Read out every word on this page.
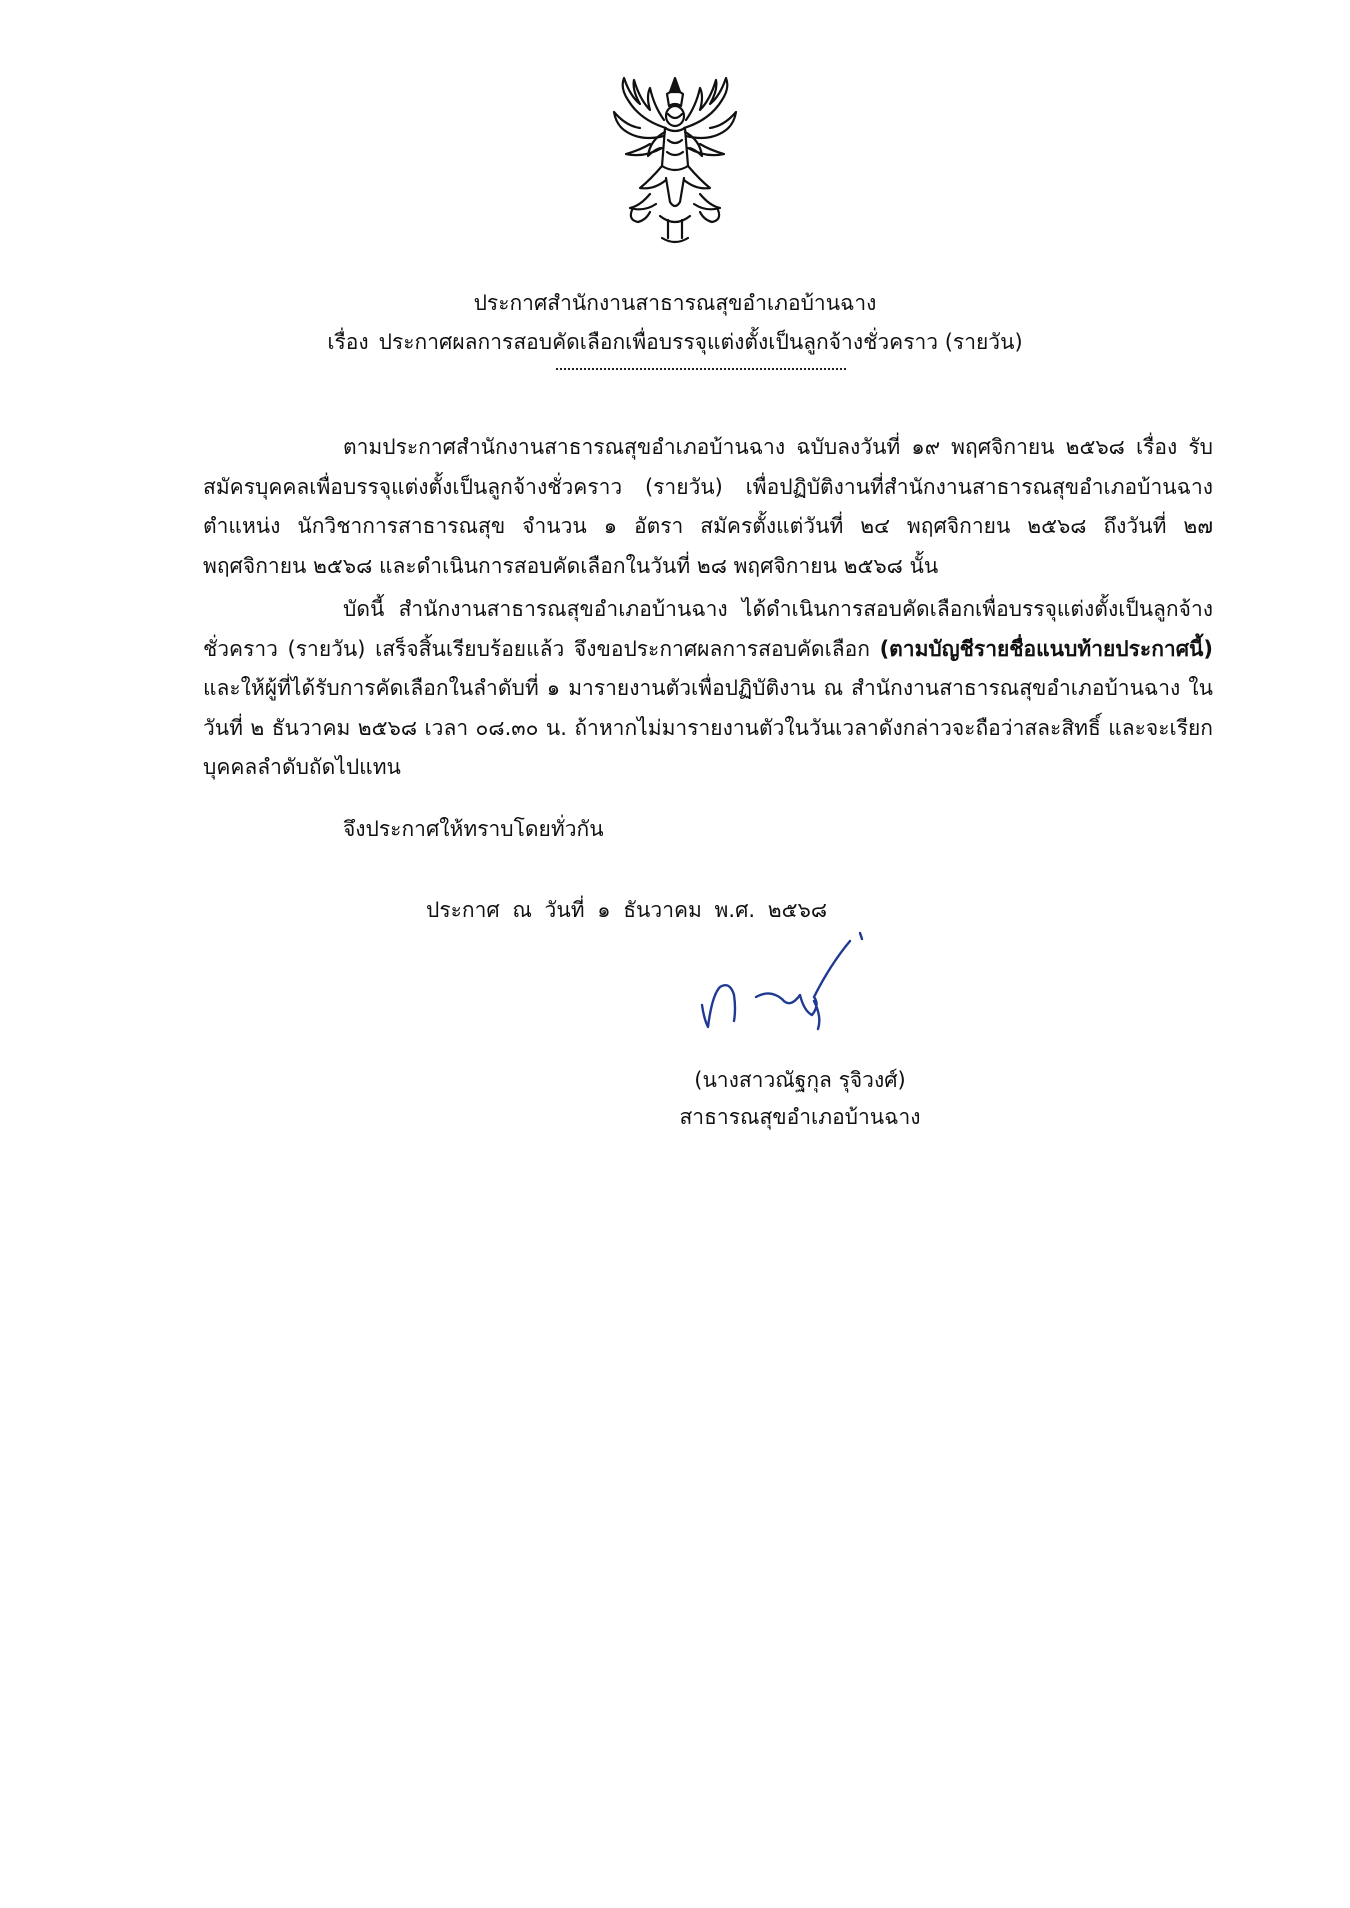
ประกาศสำนักงานสาธารณสุขอำเภอบ้านฉาง
เรื่อง ประกาศผลการสอบคัดเลือกเพื่อบรรจุแต่งตั้งเป็นลูกจ้างชั่วคราว (รายวัน)
ตามประกาศสำนักงานสาธารณสุขอำเภอบ้านฉาง ฉบับลงวันที่ ๑๙ พฤศจิกายน ๒๕๖๘ เรื่อง รับสมัครบุคคลเพื่อบรรจุแต่งตั้งเป็นลูกจ้างชั่วคราว (รายวัน) เพื่อปฏิบัติงานที่สำนักงานสาธารณสุขอำเภอบ้านฉาง ตำแหน่ง นักวิชาการสาธารณสุข จำนวน ๑ อัตรา สมัครตั้งแต่วันที่ ๒๔ พฤศจิกายน ๒๕๖๘ ถึงวันที่ ๒๗ พฤศจิกายน ๒๕๖๘ และดำเนินการสอบคัดเลือกในวันที่ ๒๘ พฤศจิกายน ๒๕๖๘ นั้น
บัดนี้ สำนักงานสาธารณสุขอำเภอบ้านฉาง ได้ดำเนินการสอบคัดเลือกเพื่อบรรจุแต่งตั้งเป็นลูกจ้างชั่วคราว (รายวัน) เสร็จสิ้นเรียบร้อยแล้ว จึงขอประกาศผลการสอบคัดเลือก (ตามบัญชีรายชื่อแนบท้ายประกาศนี้) และให้ผู้ที่ได้รับการคัดเลือกในลำดับที่ ๑ มารายงานตัวเพื่อปฏิบัติงาน ณ สำนักงานสาธารณสุขอำเภอบ้านฉาง ในวันที่ ๒ ธันวาคม ๒๕๖๘ เวลา ๐๘.๓๐ น. ถ้าหากไม่มารายงานตัวในวันเวลาดังกล่าวจะถือว่าสละสิทธิ์ และจะเรียกบุคคลลำดับถัดไปแทน
จึงประกาศให้ทราบโดยทั่วกัน
ประกาศ ณ วันที่ ๑ ธันวาคม พ.ศ. ๒๕๖๘
(นางสาวณัฐกุล รุจิวงศ์)
สาธารณสุขอำเภอบ้านฉาง
